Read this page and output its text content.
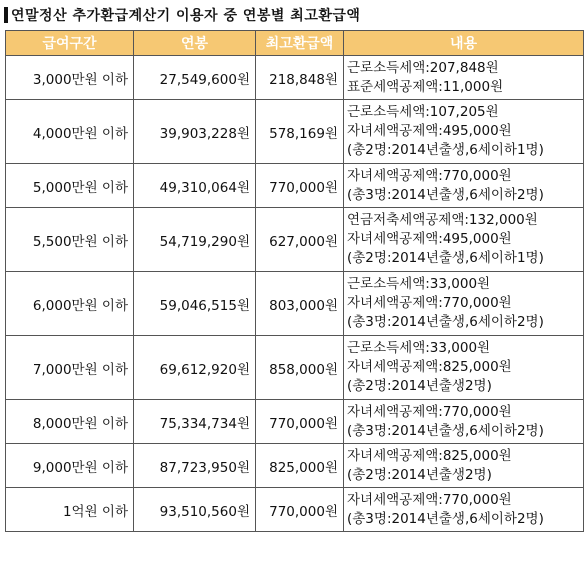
연말정산 추가환급계산기 이용자 중 연봉별 최고환급액
급여구간	연봉	최고환급액	내용
3,000만원 이하	27,549,600원	218,848원	근로소득세액:207,848원
표준세액공제액:11,000원

4,000만원 이하	39,903,228원	578,169원	근로소득세액:107,205원
자녀세액공제액:495,000원
(총2명:2014년출생,6세이하1명)

5,000만원 이하	49,310,064원	770,000원	자녀세액공제액:770,000원
(총3명:2014년출생,6세이하2명)

5,500만원 이하	54,719,290원	627,000원	연금저축세액공제액:132,000원
자녀세액공제액:495,000원
(총2명:2014년출생,6세이하1명)

6,000만원 이하	59,046,515원	803,000원	근로소득세액:33,000원
자녀세액공제액:770,000원
(총3명:2014년출생,6세이하2명)

7,000만원 이하	69,612,920원	858,000원	근로소득세액:33,000원
자녀세액공제액:825,000원
(총2명:2014년출생2명)

8,000만원 이하	75,334,734원	770,000원	자녀세액공제액:770,000원
(총3명:2014년출생,6세이하2명)

9,000만원 이하	87,723,950원	825,000원	자녀세액공제액:825,000원
(총2명:2014년출생2명)

1억원 이하	93,510,560원	770,000원	자녀세액공제액:770,000원
(총3명:2014년출생,6세이하2명)
